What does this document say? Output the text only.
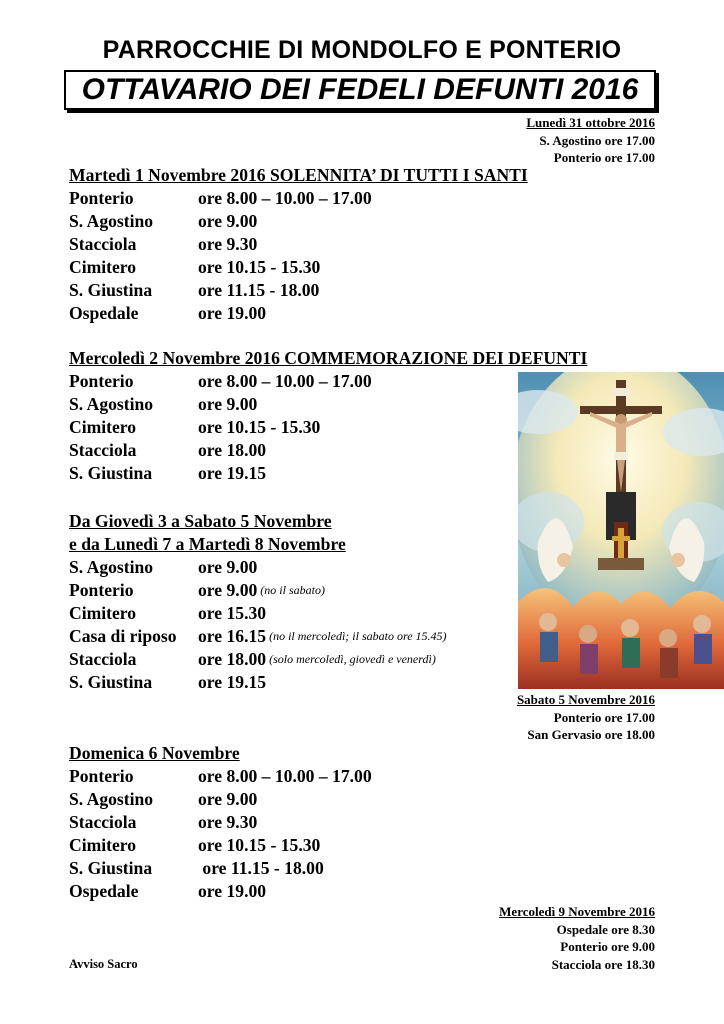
PARROCCHIE DI MONDOLFO E PONTERIO
OTTAVARIO DEI FEDELI DEFUNTI 2016
Lunedì 31 ottobre 2016
S. Agostino ore 17.00
Ponterio ore 17.00
Martedì 1 Novembre 2016 SOLENNITA’ DI TUTTI I SANTI
Ponterio	ore 8.00 – 10.00 – 17.00
S. Agostino	ore 9.00
Stacciola	ore 9.30
Cimitero	ore 10.15 - 15.30
S. Giustina	ore 11.15 - 18.00
Ospedale	ore 19.00
Mercoledì 2 Novembre 2016 COMMEMORAZIONE DEI DEFUNTI
Ponterio	ore 8.00 – 10.00 – 17.00
S. Agostino	ore 9.00
Cimitero	ore 10.15 - 15.30
Stacciola	ore 18.00
S. Giustina	ore 19.15
Da Giovedì 3 a Sabato 5 Novembre
e da Lunedì 7 a Martedì 8 Novembre
S. Agostino	ore 9.00
Ponterio	ore 9.00 (no il sabato)
Cimitero	ore 15.30
Casa di riposo	ore 16.15 (no il mercoledì; il sabato ore 15.45)
Stacciola	ore 18.00 (solo mercoledì, giovedì e venerdì)
S. Giustina	ore 19.15
Sabato 5 Novembre 2016
Ponterio ore 17.00
San Gervasio ore 18.00
Domenica 6 Novembre
Ponterio	ore 8.00 – 10.00 – 17.00
S. Agostino	ore 9.00
Stacciola	ore 9.30
Cimitero	ore 10.15 - 15.30
S. Giustina	ore 11.15 - 18.00
Ospedale	ore 19.00
Mercoledì 9 Novembre 2016
Ospedale ore 8.30
Ponterio ore 9.00
Stacciola ore 18.30
Avviso Sacro
